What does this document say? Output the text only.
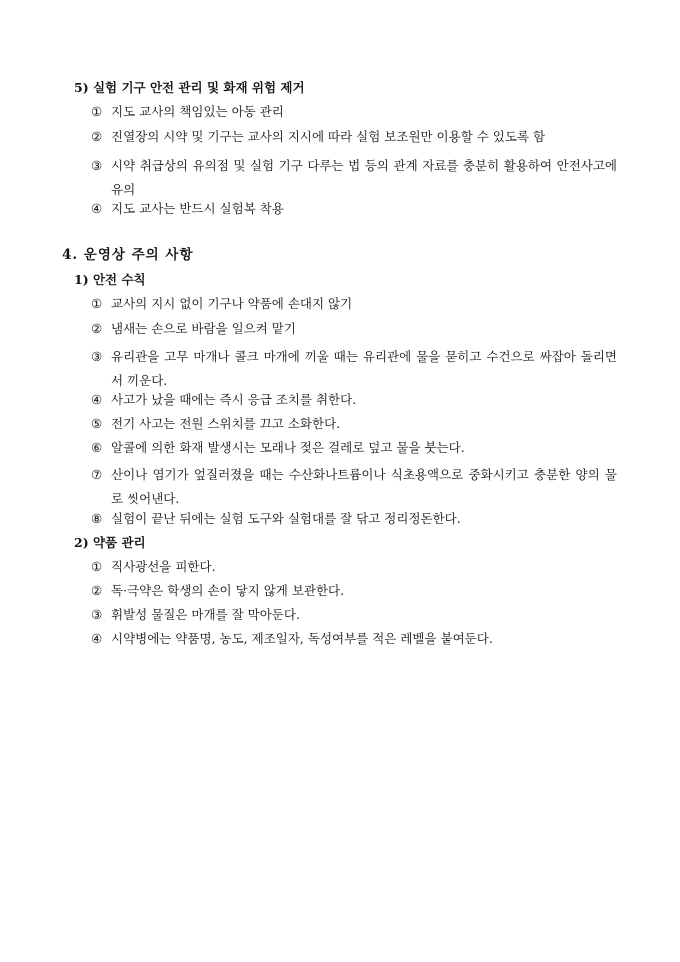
5) 실험 기구 안전 관리 및 화재 위험 제거
① 지도 교사의 책임있는 아동 관리
② 진열장의 시약 및 기구는 교사의 지시에 따라 실험 보조원만 이용할 수 있도록 함
③ 시약 취급상의 유의점 및 실험 기구 다루는 법 등의 관계 자료를 충분히 활용하여 안전사고에 유의
④ 지도 교사는 반드시 실험복 착용
4. 운영상 주의 사항
1) 안전 수칙
① 교사의 지시 없이 기구나 약품에 손대지 않기
② 냄새는 손으로 바람을 일으켜 맡기
③ 유리관을 고무 마개나 콜크 마개에 끼울 때는 유리관에 물을 묻히고 수건으로 싸잡아 돌리면서 끼운다.
④ 사고가 났을 때에는 즉시 응급 조치를 취한다.
⑤ 전기 사고는 전원 스위치를 끄고 소화한다.
⑥ 알콜에 의한 화재 발생시는 모래나 젖은 걸레로 덮고 물을 붓는다.
⑦ 산이나 염기가 엎질러졌을 때는 수산화나트륨이나 식초용액으로 중화시키고 충분한 양의 물로 씻어낸다.
⑧ 실험이 끝난 뒤에는 실험 도구와 실험대를 잘 닦고 정리정돈한다.
2) 약품 관리
① 직사광선을 피한다.
② 독·극약은 학생의 손이 닿지 않게 보관한다.
③ 휘발성 물질은 마개를 잘 막아둔다.
④ 시약병에는 약품명, 농도, 제조일자, 독성여부를 적은 레벨을 붙여둔다.
